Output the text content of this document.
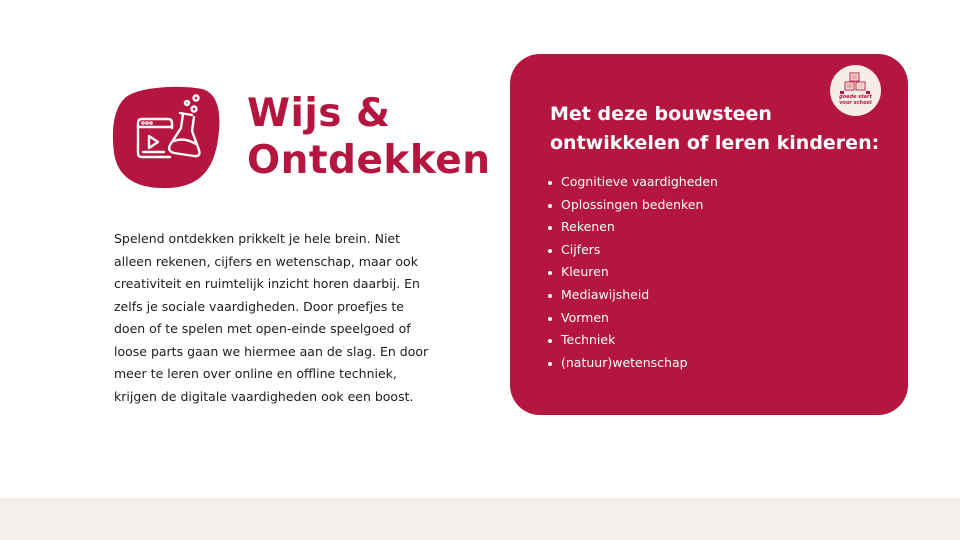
Wijs &
Ontdekken

Spelend ontdekken prikkelt je hele brein. Niet
alleen rekenen, cijfers en wetenschap, maar ook
creativiteit en ruimtelijk inzicht horen daarbij. En
zelfs je sociale vaardigheden. Door proefjes te
doen of te spelen met open-einde speelgoed of
loose parts gaan we hiermee aan de slag. En door
meer te leren over online en offline techniek,
krijgen de digitale vaardigheden ook een boost.

goede start
voor school
Met deze bouwsteen
ontwikkelen of leren kinderen:
Cognitieve vaardigheden
Oplossingen bedenken
Rekenen
Cijfers
Kleuren
Mediawijsheid
Vormen
Techniek
(natuur)wetenschap
